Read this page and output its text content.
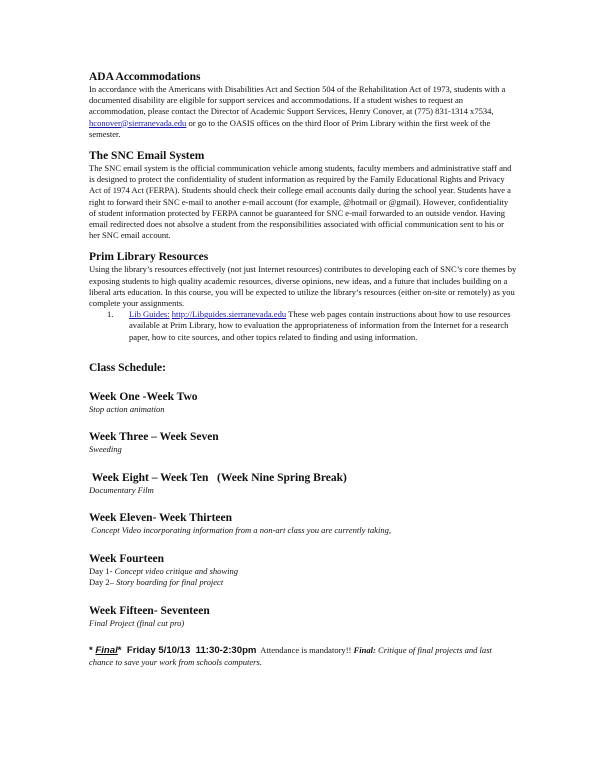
ADA Accommodations

In accordance with the Americans with Disabilities Act and Section 504 of the Rehabilitation Act of 1973, students with a documented disability are eligible for support services and accommodations. If a student wishes to request an accommodation, please contact the Director of Academic Support Services, Henry Conover, at (775) 831-1314 x7534, hconover@sierranevada.edu or go to the OASIS offices on the third floor of Prim Library within the first week of the semester.

The SNC Email System

The SNC email system is the official communication vehicle among students, faculty members and administrative staff and is designed to protect the confidentiality of student information as required by the Family Educational Rights and Privacy Act of 1974 Act (FERPA). Students should check their college email accounts daily during the school year. Students have a right to forward their SNC e-mail to another e-mail account (for example, @hotmail or @gmail). However, confidentiality of student information protected by FERPA cannot be guaranteed for SNC e-mail forwarded to an outside vendor. Having email redirected does not absolve a student from the responsibilities associated with official communication sent to his or her SNC email account.

Prim Library Resources

Using the library’s resources effectively (not just Internet resources) contributes to developing each of SNC’s core themes by exposing students to high quality academic resources, diverse opinions, new ideas, and a future that includes building on a liberal arts education. In this course, you will be expected to utilize the library’s resources (either on-site or remotely) as you complete your assignments.

1. Lib Guides: http://Libguides.sierranevada.edu These web pages contain instructions about how to use resources available at Prim Library, how to evaluation the appropriateness of information from the Internet for a research paper, how to cite sources, and other topics related to finding and using information.
Class Schedule:
Week One -Week Two
Stop action animation
Week Three – Week Seven
Sweeding
Week Eight – Week Ten   (Week Nine Spring Break)
Documentary Film
Week Eleven- Week Thirteen
Concept Video incorporating information from a non-art class you are currently taking,
Week Fourteen
Day 1- Concept video critique and showing
Day 2– Story boarding for final project
Week Fifteen- Seventeen
Final Project (final cut pro)

* Final*  Friday 5/10/13  11:30-2:30pm  Attendance is mandatory!! Final: Critique of final projects and last chance to save your work from schools computers.
